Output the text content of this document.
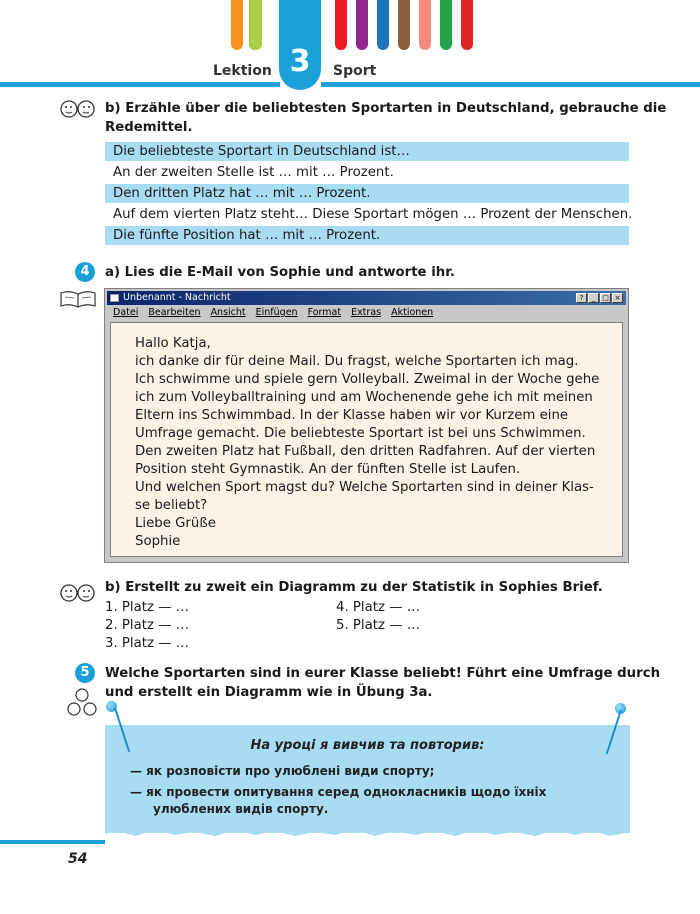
3
Lektion	Sport
b) Erzähle über die beliebtesten Sportarten in Deutschland, gebrauche die
Redemittel.
Die beliebteste Sportart in Deutschland ist…
An der zweiten Stelle ist … mit … Prozent.
Den dritten Platz hat … mit … Prozent.
Auf dem vierten Platz steht… Diese Sportart mögen … Prozent der Menschen.
Die fünfte Position hat … mit … Prozent.
4	a) Lies die E-Mail von Sophie und antworte ihr.
Unbenannt - Nachricht	?	_ □ ×
Datei Bearbeiten Ansicht Einfügen Format Extras Aktionen
Hallo Katja,
ich danke dir für deine Mail. Du fragst, welche Sportarten ich mag.
Ich schwimme und spiele gern Volleyball. Zweimal in der Woche gehe
ich zum Volleyballtraining und am Wochenende gehe ich mit meinen
Eltern ins Schwimmbad. In der Klasse haben wir vor Kurzem eine
Umfrage gemacht. Die beliebteste Sportart ist bei uns Schwimmen.
Den zweiten Platz hat Fußball, den dritten Radfahren. Auf der vierten
Position steht Gymnastik. An der fünften Stelle ist Laufen.
Und welchen Sport magst du? Welche Sportarten sind in deiner Klas-
se beliebt?
Liebe Grüße
Sophie
b) Erstellt zu zweit ein Diagramm zu der Statistik in Sophies Brief.
1. Platz — …
2. Platz — …
3. Platz — …
4. Platz — …
5. Platz — …
5	Welche Sportarten sind in eurer Klasse beliebt! Führt eine Umfrage durch
und erstellt ein Diagramm wie in Übung 3a.
На уроці я вивчив та повторив:
— як розповісти про улюблені види спорту;
— як провести опитування серед однокласників щодо їхніх
улюблених видів спорту.
54
